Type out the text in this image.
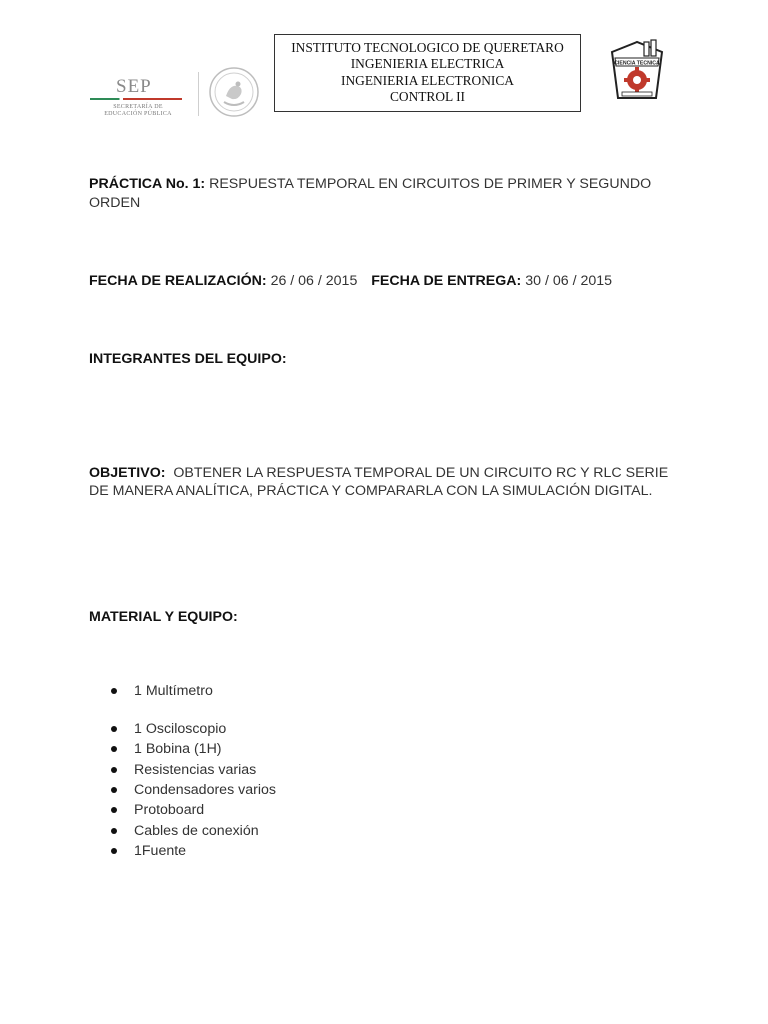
SEP
SECRETARÍA DE
EDUCACIÓN PÚBLICA
INSTITUTO TECNOLOGICO DE QUERETARO
INGENIERIA ELECTRICA
INGENIERIA ELECTRONICA
CONTROL II
CIENCIA TECNICA
PRÁCTICA No. 1: RESPUESTA TEMPORAL EN CIRCUITOS DE PRIMER Y SEGUNDO ORDEN
FECHA DE REALIZACIÓN: 26 / 06 / 2015 FECHA DE ENTREGA: 30 / 06 / 2015
INTEGRANTES DEL EQUIPO:
OBJETIVO: OBTENER LA RESPUESTA TEMPORAL DE UN CIRCUITO RC Y RLC SERIE DE MANERA ANALÍTICA, PRÁCTICA Y COMPARARLA CON LA SIMULACIÓN DIGITAL.
MATERIAL Y EQUIPO:
1 Multímetro
1 Osciloscopio
1 Bobina (1H)
Resistencias varias
Condensadores varios
Protoboard
Cables de conexión
1Fuente
